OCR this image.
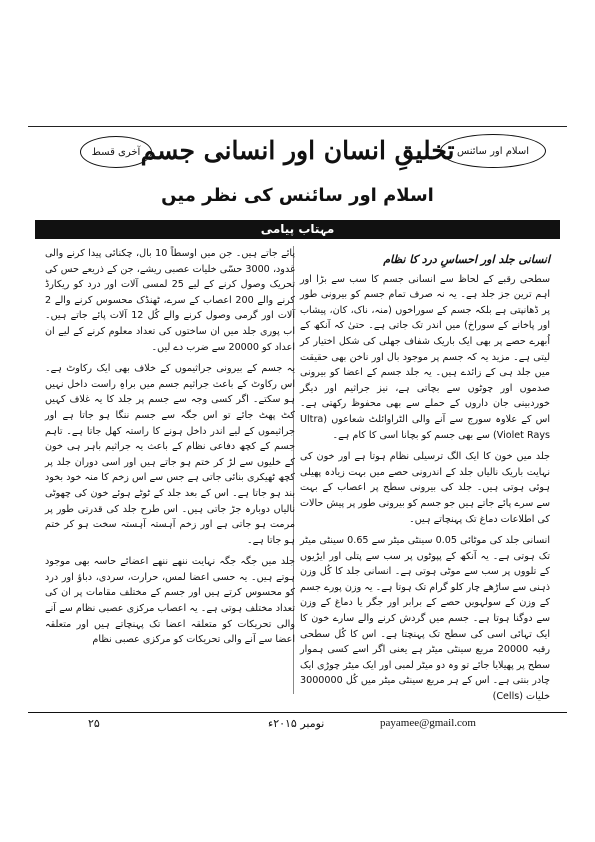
اسلام اور سائنس
آخری قسط تخلیقِ انسان اور انسانی جسم
اسلام اور سائنس کی نظر میں
مہتاب پیامی
انسانی جلد اور احساسِ درد کا نظام

سطحی رقبے کے لحاظ سے انسانی جسم کا سب سے بڑا اور اہم ترین جز جلد ہے۔ یہ نہ صرف تمام جسم کو بیرونی طور پر ڈھانپتی ہے بلکہ جسم کے سوراخوں (منہ، ناک، کان، پیشاب اور پاخانے کے سوراخ) میں اندر تک جاتی ہے۔ حتیٰ کہ آنکھ کے اُبھرے حصے پر بھی ایک باریک شفاف جھلی کی شکل اختیار کر لیتی ہے۔ مزید یہ کہ جسم پر موجود بال اور ناخن بھی حقیقت میں جلد ہی کے زائدے ہیں۔ یہ جلد جسم کے اعضا کو بیرونی صدموں اور چوٹوں سے بچاتی ہے، نیز جراثیم اور دیگر خوردبینی جان داروں کے حملے سے بھی محفوظ رکھتی ہے۔ اس کے علاوہ سورج سے آنے والی الٹراوائلٹ شعاعوں (Ultra Violet Rays) سے بھی جسم کو بچانا اسی کا کام ہے۔

جلد میں خون کا ایک الگ ترسیلی نظام ہوتا ہے اور خون کی نہایت باریک نالیاں جلد کے اندرونی حصے میں بہت زیادہ پھیلی ہوئی ہوتی ہیں۔ جلد کی بیرونی سطح پر اعصاب کے بہت سے سرے پائے جاتے ہیں جو جسم کو بیرونی طور پر پیش حالات کی اطلاعات دماغ تک پہنچاتے ہیں۔

انسانی جلد کی موٹائی 0.05 سینٹی میٹر سے 0.65 سینٹی میٹر تک ہوتی ہے۔ یہ آنکھ کے پپوٹوں پر سب سے پتلی اور ایڑیوں کے تلووں پر سب سے موٹی ہوتی ہے۔ انسانی جلد کا کُل وزن ذہنی سے ساڑھے چار کلو گرام تک ہوتا ہے۔ یہ وزن پورے جسم کے وزن کے سولہویں حصے کے برابر اور جگر یا دماغ کے وزن سے دوگنا ہوتا ہے۔ جسم میں گردش کرنے والے سارے خون کا ایک تہائی اسی کی سطح تک پہنچتا ہے۔ اس کا کُل سطحی رقبہ 20000 مربع سینٹی میٹر ہے یعنی اگر اسے کسی ہموار سطح پر پھیلایا جائے تو وہ دو میٹر لمبی اور ایک میٹر چوڑی ایک چادر بنتی ہے۔ اس کے ہر مربع سینٹی میٹر میں کُل 3000000 خلیات (Cells)

پائے جاتے ہیں۔ جن میں اوسطاً 10 بال، چکنائی پیدا کرنے والی غدود، 3000 حسّی خلیات عصبی ریشے، جن کے ذریعے حس کی تحریک وصول کرنے کے لیے 25 لمسی آلات اور درد کو ریکارڈ کرنے والے 200 اعصاب کے سرے، ٹھنڈک محسوس کرنے والے 2 آلات اور گرمی وصول کرنے والے کُل 12 آلات پائے جاتے ہیں۔ اب پوری جلد میں ان ساختوں کی تعداد معلوم کرنے کے لیے ان اعداد کو 20000 سے ضرب دے لیں۔

یہ جسم کے بیرونی جراثیموں کے خلاف بھی ایک رکاوٹ ہے۔ اس رکاوٹ کے باعث جراثیم جسم میں براہِ راست داخل نہیں ہو سکتے۔ اگر کسی وجہ سے جسم پر جلد کا یہ غلاف کہیں کٹ پھٹ جائے تو اس جگہ سے جسم ننگا ہو جاتا ہے اور جراثیموں کے لیے اندر داخل ہونے کا راستہ کھل جاتا ہے۔ تاہم جسم کے کچھ دفاعی نظام کے باعث یہ جراثیم باہر ہی خون کے خلیوں سے لڑ کر ختم ہو جاتے ہیں اور اسی دوران جلد پر کچھ ٹھیکری بنائی جاتی ہے جس سے اس زخم کا منہ خود بخود بند ہو جاتا ہے۔ اس کے بعد جلد کے ٹوٹے ہوئے خون کی چھوٹی نالیاں دوبارہ جڑ جاتی ہیں۔ اس طرح جلد کی قدرتی طور پر مرمت ہو جاتی ہے اور زخم آہستہ آہستہ سخت ہو کر ختم ہو جاتا ہے۔

جلد میں جگہ جگہ نہایت ننھے ننھے اعضائے حاسہ بھی موجود ہوتے ہیں۔ یہ حسی اعضا لمس، حرارت، سردی، دباؤ اور درد کو محسوس کرتے ہیں اور جسم کے مختلف مقامات پر ان کی تعداد مختلف ہوتی ہے۔ یہ اعصاب مرکزی عصبی نظام سے آنے والی تحریکات کو متعلقہ اعضا تک پہنچاتے ہیں اور متعلقہ اعضا سے آنے والی تحریکات کو مرکزی عصبی نظام

payamee@gmail.com
نومبر ۲۰۱۵ء
۲۵
